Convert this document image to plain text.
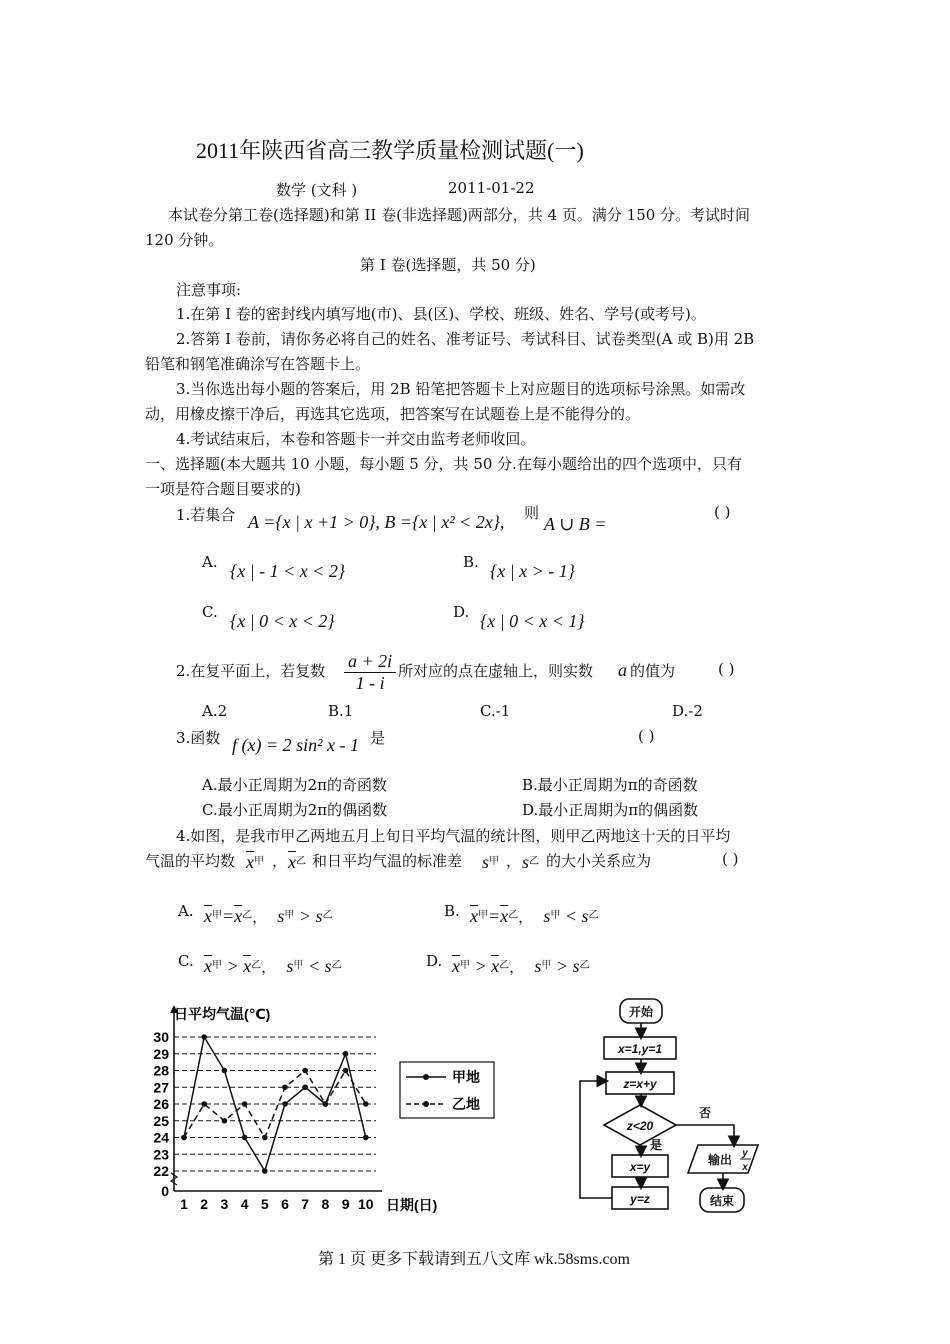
2011年陕西省高三教学质量检测试题(一)
数学 (文科 )	2011-01-22
本试卷分第工卷(选择题)和第 II 卷(非选择题)两部分，共 4 页。满分 150 分。考试时间
120 分钟。
第 I 卷(选择题，共 50 分)
注意事项:
1.在第 I 卷的密封线内填写地(市)、县(区)、学校、班级、姓名、学号(或考号)。
2.答第 I 卷前，请你务必将自己的姓名、准考证号、考试科目、试卷类型(A 或 B)用 2B
铅笔和钢笔准确涂写在答题卡上。
3.当你选出每小题的答案后，用 2B 铅笔把答题卡上对应题目的选项标号涂黑。如需改
动，用橡皮擦干净后，再选其它选项，把答案写在试题卷上是不能得分的。
4.考试结束后，本卷和答题卡一并交由监考老师收回。
一、选择题(本大题共 10 小题，每小题 5 分，共 50 分.在每小题给出的四个选项中，只有
一项是符合题目要求的)
1.若集合 A ={x | x +1 > 0}, B ={x | x² < 2x}, 则
A ∪ B =
( )
A. {x | - 1 < x < 2}	B. {x | x > - 1}
C. {x | 0 < x < 2}	D. {x | 0 < x < 1}
2.在复平面上，若复数 $\frac{a + 2i}{1 - i}$ 所对应的点在虚轴上，则实数 a 的值为	( )
A.2	B.1	C.-1	D.-2
3.函数 f (x) = 2 sin² x - 1 是	( )
A.最小正周期为2π的奇函数	B.最小正周期为π的奇函数
C.最小正周期为2π的偶函数	D.最小正周期为π的偶函数
4.如图，是我市甲乙两地五月上旬日平均气温的统计图，则甲乙两地这十天的日平均
气温的平均数 $\overline{x}^甲$ ， $\overline{x}^乙$ 和日平均气温的标准差 $s^甲$ ， $s^乙$ 的大小关系应为	( )
A. $\overline{x}^甲=\overline{x}^乙$， $s^甲 > s^乙$	B. $\overline{x}^甲=\overline{x}^乙$， $s^甲 < s^乙$
C. $\overline{x}^甲 > \overline{x}^乙$， $s^甲 < s^乙$	D. $\overline{x}^甲 > \overline{x}^乙$， $s^甲 > s^乙$
0
22
23
24
25
26
27
28
29
30
1 2 3 4 5 6 7 8 9 10
甲地
乙地
日平均气温(℃)
日期(日)
开始
x=1,y=1
z=x+y
z<20
是
否
x=y
y=z
输出 y
x
结束
第 1 页 更多下载请到五八文库 wk.58sms.com
